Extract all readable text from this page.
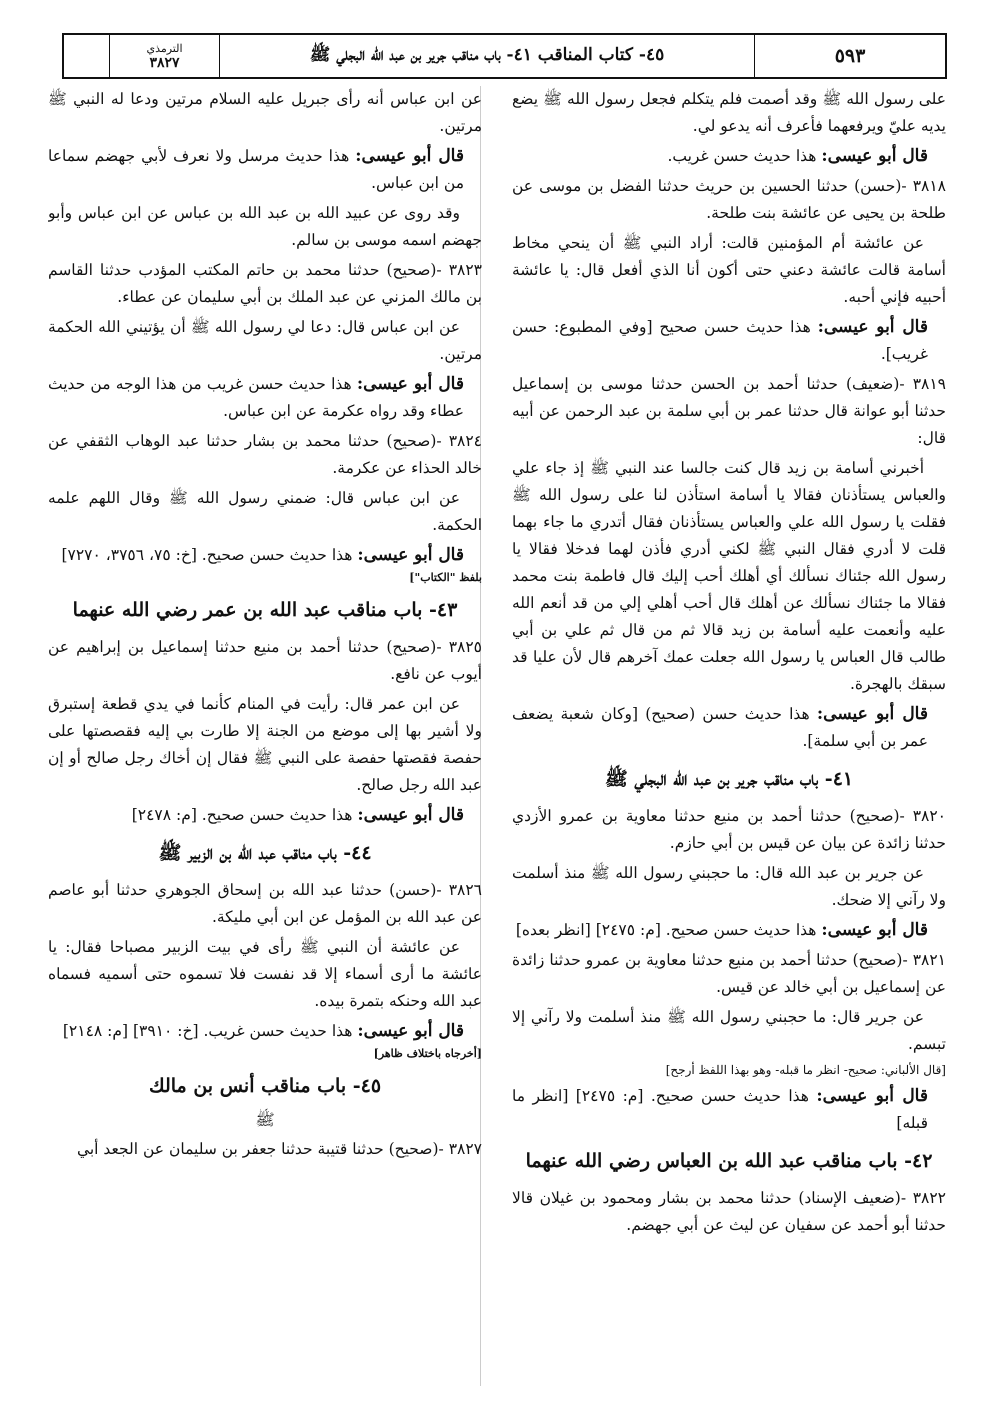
الترمذي
٣٨٢٧	٤٥- كتاب المناقب ٤١- باب مناقب جرير بن عبد الله البجلي ﷺ	٥٩٣
على رسول الله ﷺ وقد أصمت فلم يتكلم فجعل رسول الله ﷺ يضع يديه عليّ ويرفعهما فأعرف أنه يدعو لي.
قال أبو عيسى: هذا حديث حسن غريب.
٣٨١٨ -(حسن) حدثنا الحسين بن حريث حدثنا الفضل بن موسى عن طلحة بن يحيى عن عائشة بنت طلحة.
عن عائشة أم المؤمنين قالت: أراد النبي ﷺ أن ينحي مخاط أسامة قالت عائشة دعني حتى أكون أنا الذي أفعل قال: يا عائشة أحبيه فإني أحبه.
قال أبو عيسى: هذا حديث حسن صحيح [وفي المطبوع: حسن غريب].
٣٨١٩ -(ضعيف) حدثنا أحمد بن الحسن حدثنا موسى بن إسماعيل حدثنا أبو عوانة قال حدثنا عمر بن أبي سلمة بن عبد الرحمن عن أبيه قال:
أخبرني أسامة بن زيد قال كنت جالسا عند النبي ﷺ إذ جاء علي والعباس يستأذنان فقالا يا أسامة استأذن لنا على رسول الله ﷺ فقلت يا رسول الله علي والعباس يستأذنان فقال أتدري ما جاء بهما قلت لا أدري فقال النبي ﷺ لكني أدري فأذن لهما فدخلا فقالا يا رسول الله جئناك نسألك أي أهلك أحب إليك قال فاطمة بنت محمد فقالا ما جئناك نسألك عن أهلك قال أحب أهلي إلي من قد أنعم الله عليه وأنعمت عليه أسامة بن زيد قالا ثم من قال ثم علي بن أبي طالب قال العباس يا رسول الله جعلت عمك آخرهم قال لأن عليا قد سبقك بالهجرة.
قال أبو عيسى: هذا حديث حسن (صحيح) [وكان شعبة يضعف عمر بن أبي سلمة].
٤١- باب مناقب جرير بن عبد الله البجلي ﷺ
٣٨٢٠ -(صحيح) حدثنا أحمد بن منيع حدثنا معاوية بن عمرو الأزدي حدثنا زائدة عن بيان عن قيس بن أبي حازم.
عن جرير بن عبد الله قال: ما حجبني رسول الله ﷺ منذ أسلمت ولا رآني إلا ضحك.
قال أبو عيسى: هذا حديث حسن صحيح. [م: ٢٤٧٥] [انظر بعده]
٣٨٢١ -(صحيح) حدثنا أحمد بن منيع حدثنا معاوية بن عمرو حدثنا زائدة عن إسماعيل بن أبي خالد عن قيس.
عن جرير قال: ما حجبني رسول الله ﷺ منذ أسلمت ولا رآني إلا تبسم.
[قال الألباني: صحيح- انظر ما قبله- وهو بهذا اللفظ أرجح]
قال أبو عيسى: هذا حديث حسن صحيح. [م: ٢٤٧٥] [انظر ما قبله]
٤٢- باب مناقب عبد الله بن العباس رضي الله عنهما
٣٨٢٢ -(ضعيف الإسناد) حدثنا محمد بن بشار ومحمود بن غيلان قالا حدثنا أبو أحمد عن سفيان عن ليث عن أبي جهضم.
عن ابن عباس أنه رأى جبريل عليه السلام مرتين ودعا له النبي ﷺ مرتين.
قال أبو عيسى: هذا حديث مرسل ولا نعرف لأبي جهضم سماعا من ابن عباس.
وقد روى عن عبيد الله بن عبد الله بن عباس عن ابن عباس وأبو جهضم اسمه موسى بن سالم.
٣٨٢٣ -(صحيح) حدثنا محمد بن حاتم المكتب المؤدب حدثنا القاسم بن مالك المزني عن عبد الملك بن أبي سليمان عن عطاء.
عن ابن عباس قال: دعا لي رسول الله ﷺ أن يؤتيني الله الحكمة مرتين.
قال أبو عيسى: هذا حديث حسن غريب من هذا الوجه من حديث عطاء وقد رواه عكرمة عن ابن عباس.
٣٨٢٤ -(صحيح) حدثنا محمد بن بشار حدثنا عبد الوهاب الثقفي عن خالد الحذاء عن عكرمة.
عن ابن عباس قال: ضمني رسول الله ﷺ وقال اللهم علمه الحكمة.
قال أبو عيسى: هذا حديث حسن صحيح. [خ: ٧٥، ٣٧٥٦، ٧٢٧٠]
بلفظ "الكتاب"]
٤٣- باب مناقب عبد الله بن عمر رضي الله عنهما
٣٨٢٥ -(صحيح) حدثنا أحمد بن منيع حدثنا إسماعيل بن إبراهيم عن أيوب عن نافع.
عن ابن عمر قال: رأيت في المنام كأنما في يدي قطعة إستبرق ولا أشير بها إلى موضع من الجنة إلا طارت بي إليه فقصصتها على حفصة فقصتها حفصة على النبي ﷺ فقال إن أخاك رجل صالح أو إن عبد الله رجل صالح.
قال أبو عيسى: هذا حديث حسن صحيح. [م: ٢٤٧٨]
٤٤- باب مناقب عبد الله بن الزبير ﷺ
٣٨٢٦ -(حسن) حدثنا عبد الله بن إسحاق الجوهري حدثنا أبو عاصم عن عبد الله بن المؤمل عن ابن أبي مليكة.
عن عائشة أن النبي ﷺ رأى في بيت الزبير مصباحا فقال: يا عائشة ما أرى أسماء إلا قد نفست فلا تسموه حتى أسميه فسماه عبد الله وحنكه بتمرة بيده.
قال أبو عيسى: هذا حديث حسن غريب. [خ: ٣٩١٠] [م: ٢١٤٨]
[أخرجاه باختلاف ظاهر]
٤٥- باب مناقب أنس بن مالك
ﷺ
٣٨٢٧ -(صحيح) حدثنا قتيبة حدثنا جعفر بن سليمان عن الجعد أبي
